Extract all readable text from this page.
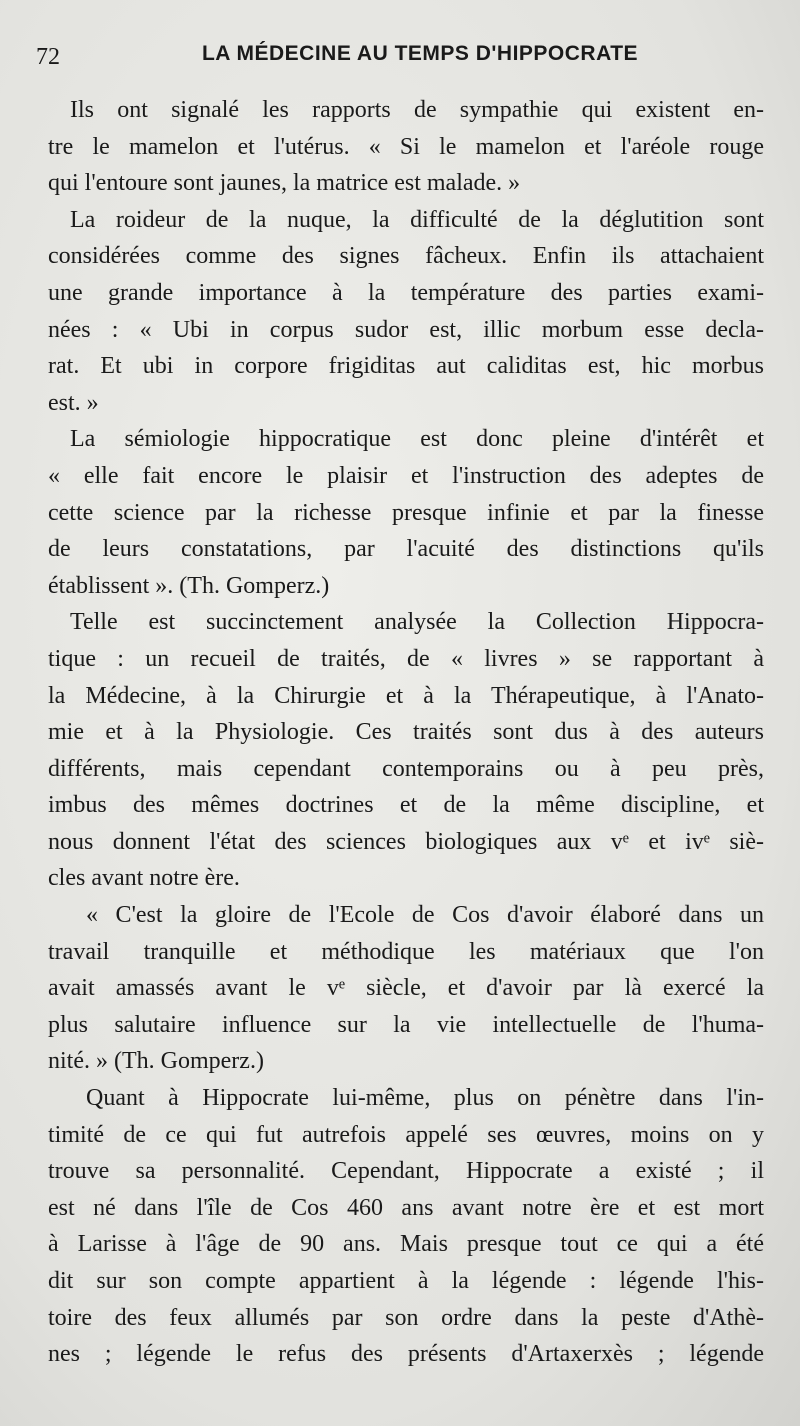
72	LA MÉDECINE AU TEMPS D'HIPPOCRATE
Ils ont signalé les rapports de sympathie qui existent en-
tre le mamelon et l'utérus. « Si le mamelon et l'aréole rouge
qui l'entoure sont jaunes, la matrice est malade. »
La roideur de la nuque, la difficulté de la déglutition sont
considérées comme des signes fâcheux. Enfin ils attachaient
une grande importance à la température des parties exami-
nées : « Ubi in corpus sudor est, illic morbum esse decla-
rat. Et ubi in corpore frigiditas aut caliditas est, hic morbus
est. »
La sémiologie hippocratique est donc pleine d'intérêt et
« elle fait encore le plaisir et l'instruction des adeptes de
cette science par la richesse presque infinie et par la finesse
de leurs constatations, par l'acuité des distinctions qu'ils
établissent ». (Th. Gomperz.)
Telle est succinctement analysée la Collection Hippocra-
tique : un recueil de traités, de « livres » se rapportant à
la Médecine, à la Chirurgie et à la Thérapeutique, à l'Anato-
mie et à la Physiologie. Ces traités sont dus à des auteurs
différents, mais cependant contemporains ou à peu près,
imbus des mêmes doctrines et de la même discipline, et
nous donnent l'état des sciences biologiques aux vᵉ et ivᵉ siè-
cles avant notre ère.
« C'est la gloire de l'Ecole de Cos d'avoir élaboré dans un
travail tranquille et méthodique les matériaux que l'on
avait amassés avant le vᵉ siècle, et d'avoir par là exercé la
plus salutaire influence sur la vie intellectuelle de l'huma-
nité. » (Th. Gomperz.)
Quant à Hippocrate lui-même, plus on pénètre dans l'in-
timité de ce qui fut autrefois appelé ses œuvres, moins on y
trouve sa personnalité. Cependant, Hippocrate a existé ; il
est né dans l'île de Cos 460 ans avant notre ère et est mort
à Larisse à l'âge de 90 ans. Mais presque tout ce qui a été
dit sur son compte appartient à la légende : légende l'his-
toire des feux allumés par son ordre dans la peste d'Athè-
nes ; légende le refus des présents d'Artaxerxès ; légende
